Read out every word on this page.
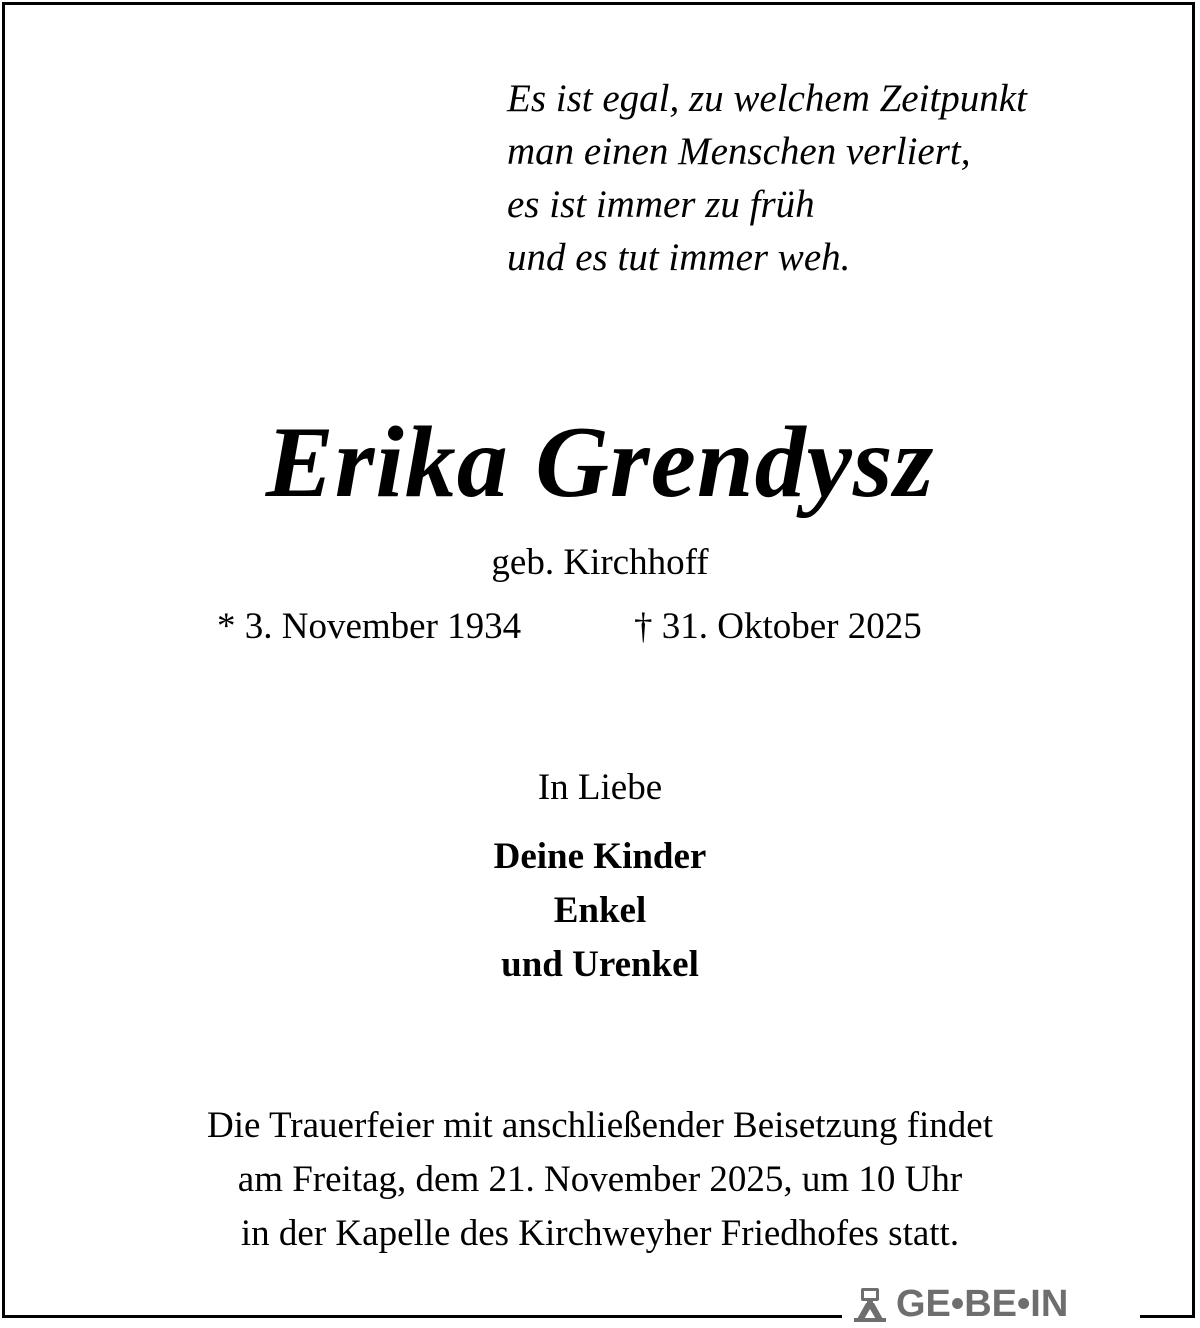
Es ist egal, zu welchem Zeitpunkt
man einen Menschen verliert,
es ist immer zu früh
und es tut immer weh.
Erika Grendysz
geb. Kirchhoff
* 3. November 1934	† 31. Oktober 2025
In Liebe
Deine Kinder
Enkel
und Urenkel
Die Trauerfeier mit anschließender Beisetzung findet
am Freitag, dem 21. November 2025, um 10 Uhr
in der Kapelle des Kirchweyher Friedhofes statt.
GE•BE•IN
